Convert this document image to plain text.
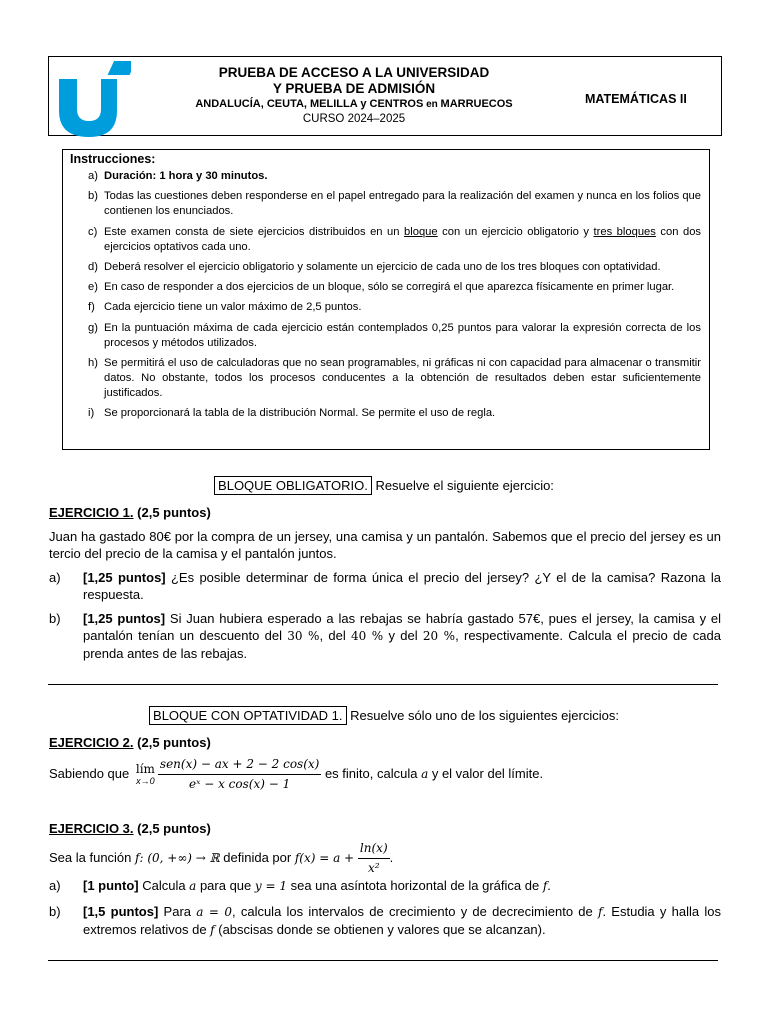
PRUEBA DE ACCESO A LA UNIVERSIDAD
Y PRUEBA DE ADMISIÓN
ANDALUCÍA, CEUTA, MELILLA y CENTROS en MARRUECOS
CURSO 2024–2025
MATEMÁTICAS II
Instrucciones:
a) Duración: 1 hora y 30 minutos.
b) Todas las cuestiones deben responderse en el papel entregado para la realización del examen y nunca en los folios que contienen los enunciados.
c) Este examen consta de siete ejercicios distribuidos en un bloque con un ejercicio obligatorio y tres bloques con dos ejercicios optativos cada uno.
d) Deberá resolver el ejercicio obligatorio y solamente un ejercicio de cada uno de los tres bloques con optatividad.
e) En caso de responder a dos ejercicios de un bloque, sólo se corregirá el que aparezca físicamente en primer lugar.
f) Cada ejercicio tiene un valor máximo de 2,5 puntos.
g) En la puntuación máxima de cada ejercicio están contemplados 0,25 puntos para valorar la expresión correcta de los procesos y métodos utilizados.
h) Se permitirá el uso de calculadoras que no sean programables, ni gráficas ni con capacidad para almacenar o transmitir datos. No obstante, todos los procesos conducentes a la obtención de resultados deben estar suficientemente justificados.
i) Se proporcionará la tabla de la distribución Normal. Se permite el uso de regla.
BLOQUE OBLIGATORIO. Resuelve el siguiente ejercicio:
EJERCICIO 1. (2,5 puntos)
Juan ha gastado 80€ por la compra de un jersey, una camisa y un pantalón. Sabemos que el precio del jersey es un tercio del precio de la camisa y el pantalón juntos.
a) [1,25 puntos] ¿Es posible determinar de forma única el precio del jersey? ¿Y el de la camisa? Razona la respuesta.
b) [1,25 puntos] Si Juan hubiera esperado a las rebajas se habría gastado 57€, pues el jersey, la camisa y el pantalón tenían un descuento del 30 %, del 40 % y del 20 %, respectivamente. Calcula el precio de cada prenda antes de las rebajas.
BLOQUE CON OPTATIVIDAD 1. Resuelve sólo uno de los siguientes ejercicios:
EJERCICIO 2. (2,5 puntos)
Sabiendo que lím
$x\to 0 \frac{\text{sen(x) − ax + 2 − 2 cos(x)}}{\text{eˣ − x cos(x) − 1}}$ es finito, calcula a y el valor del límite.
EJERCICIO 3. (2,5 puntos)
Sea la función f: (0, +∞) → ℝ definida por $f(x) = a + \frac{\ln(x)}{\text{x²}}$ .
a) [1 punto] Calcula a para que y = 1 sea una asíntota horizontal de la gráfica de f.
b) [1,5 puntos] Para a = 0, calcula los intervalos de crecimiento y de decrecimiento de f. Estudia y halla los extremos relativos de f (abscisas donde se obtienen y valores que se alcanzan).
